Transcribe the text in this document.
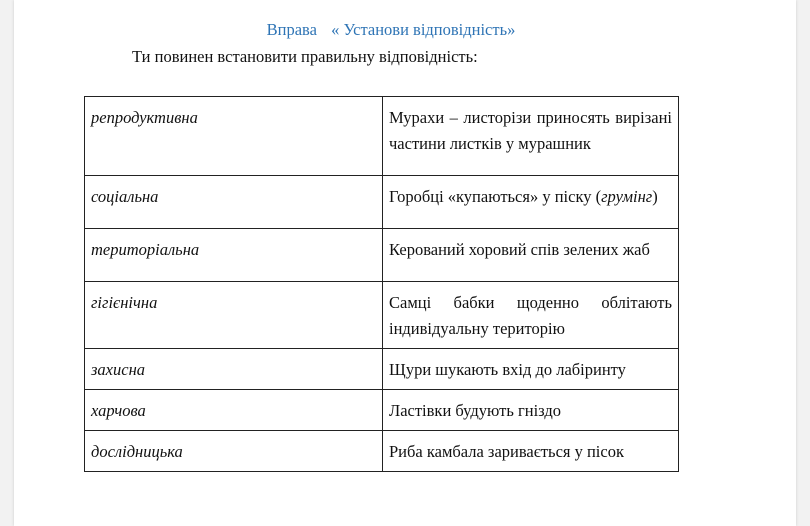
Вправа « Установи відповідність»
Ти повинен встановити правильну відповідність:
репродуктивна	Мурахи – листорізи приносять вирізані частини листків у мурашник
соціальна	Горобці «купаються» у піску (грумінг)
територіальна	Керований хоровий спів зелених жаб
гігієнічна	Самці бабки щоденно облітають індивідуальну територію
захисна	Щури шукають вхід до лабіринту
харчова	Ластівки будують гніздо
дослідницька	Риба камбала заривається у пісок
